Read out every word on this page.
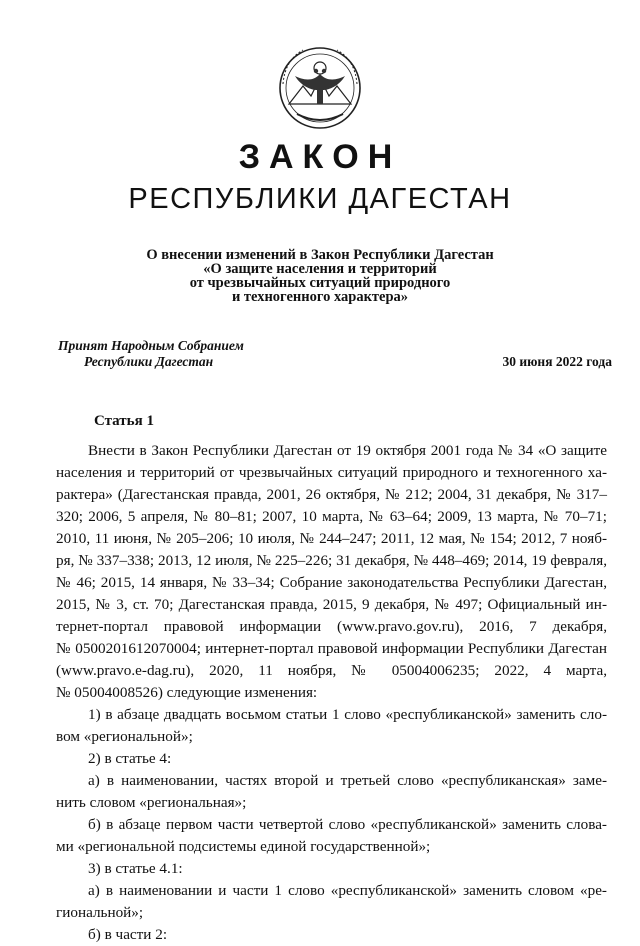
ЗАКОН
РЕСПУБЛИКИ ДАГЕСТАН
О внесении изменений в Закон Республики Дагестан
«О защите населения и территорий
от чрезвычайных ситуаций природного
и техногенного характера»
Принят Народным Собранием
Республики Дагестан	30 июня 2022 года
Статья 1

Внести в Закон Республики Дагестан от 19 октября 2001 года № 34 «О защите
населения и территорий от чрезвычайных ситуаций природного и техногенного ха-
рактера» (Дагестанская правда, 2001, 26 октября, № 212; 2004, 31 декабря, № 317–
320; 2006, 5 апреля, № 80–81; 2007, 10 марта, № 63–64; 2009, 13 марта, № 70–71;
2010, 11 июня, № 205–206; 10 июля, № 244–247; 2011, 12 мая, № 154; 2012, 7 нояб-
ря, № 337–338; 2013, 12 июля, № 225–226; 31 декабря, № 448–469; 2014, 19 февраля,
№ 46; 2015, 14 января, № 33–34; Собрание законодательства Республики Дагестан,
2015, № 3, ст. 70; Дагестанская правда, 2015, 9 декабря, № 497; Официальный ин-
тернет-портал правовой информации (www.pravo.gov.ru), 2016, 7 декабря,
№ 0500201612070004; интернет-портал правовой информации Республики Дагестан
(www.pravo.e-dag.ru), 2020, 11 ноября, № 05004006235; 2022, 4 марта,
№ 05004008526) следующие изменения:

1) в абзаце двадцать восьмом статьи 1 слово «республиканской» заменить сло-
вом «региональной»;

2) в статье 4:

а) в наименовании, частях второй и третьей слово «республиканская» заме-
нить словом «региональная»;

б) в абзаце первом части четвертой слово «республиканской» заменить слова-
ми «региональной подсистемы единой государственной»;

3) в статье 4.1:

а) в наименовании и части 1 слово «республиканской» заменить словом «ре-
гиональной»;

б) в части 2:
